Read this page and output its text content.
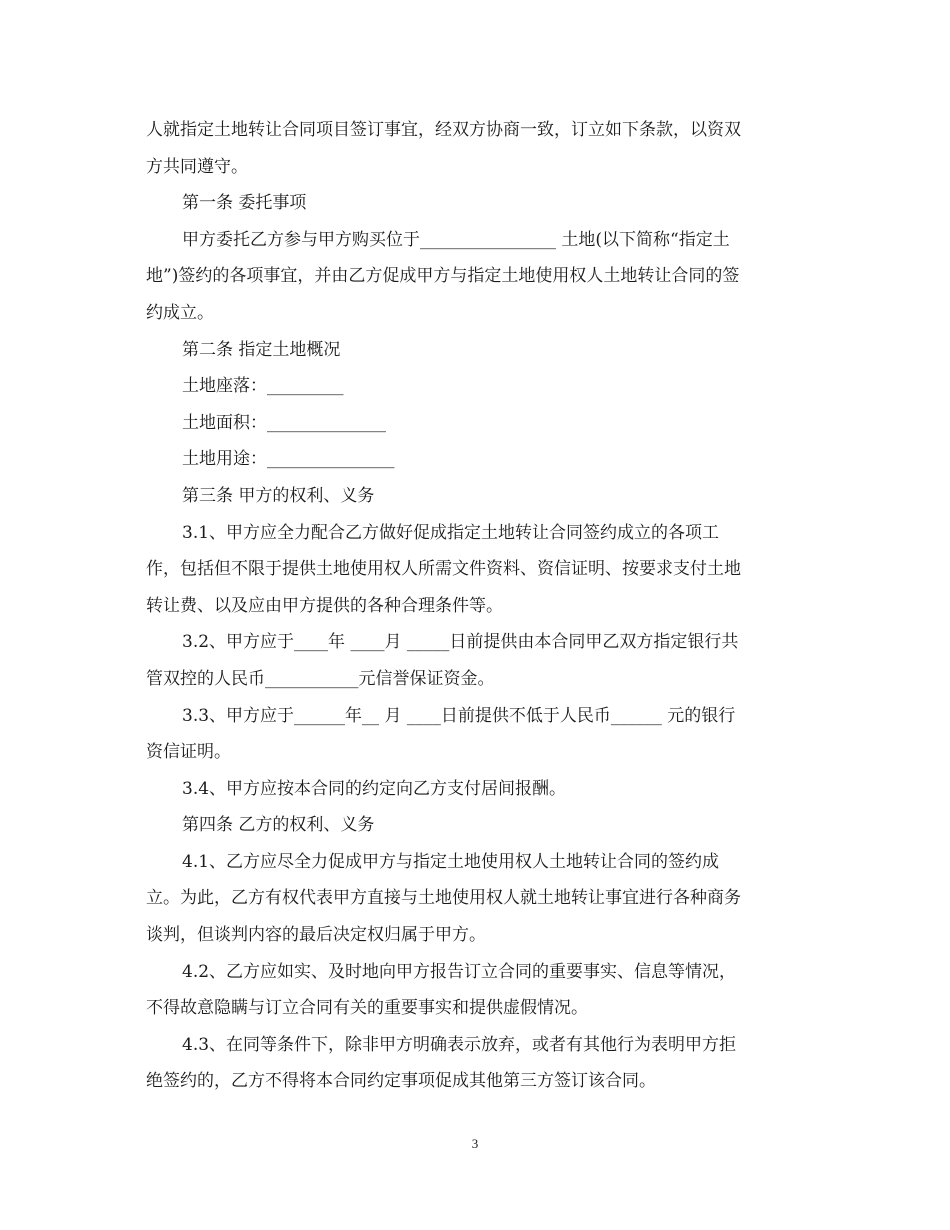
人就指定土地转让合同项目签订事宜，经双方协商一致，订立如下条款，以资双
方共同遵守。
第一条 委托事项
甲方委托乙方参与甲方购买位于________________ 土地(以下简称“指定土
地”)签约的各项事宜，并由乙方促成甲方与指定土地使用权人土地转让合同的签
约成立。
第二条 指定土地概况
土地座落：_________
土地面积：______________
土地用途：_______________
第三条 甲方的权利、义务
3.1、甲方应全力配合乙方做好促成指定土地转让合同签约成立的各项工
作，包括但不限于提供土地使用权人所需文件资料、资信证明、按要求支付土地
转让费、以及应由甲方提供的各种合理条件等。
3.2、甲方应于____年 ____月 _____日前提供由本合同甲乙双方指定银行共
管双控的人民币___________元信誉保证资金。
3.3、甲方应于______年__ 月 ____日前提供不低于人民币______ 元的银行
资信证明。
3.4、甲方应按本合同的约定向乙方支付居间报酬。
第四条 乙方的权利、义务
4.1、乙方应尽全力促成甲方与指定土地使用权人土地转让合同的签约成
立。为此，乙方有权代表甲方直接与土地使用权人就土地转让事宜进行各种商务
谈判，但谈判内容的最后决定权归属于甲方。
4.2、乙方应如实、及时地向甲方报告订立合同的重要事实、信息等情况，
不得故意隐瞒与订立合同有关的重要事实和提供虚假情况。
4.3、在同等条件下，除非甲方明确表示放弃，或者有其他行为表明甲方拒
绝签约的，乙方不得将本合同约定事项促成其他第三方签订该合同。
3
